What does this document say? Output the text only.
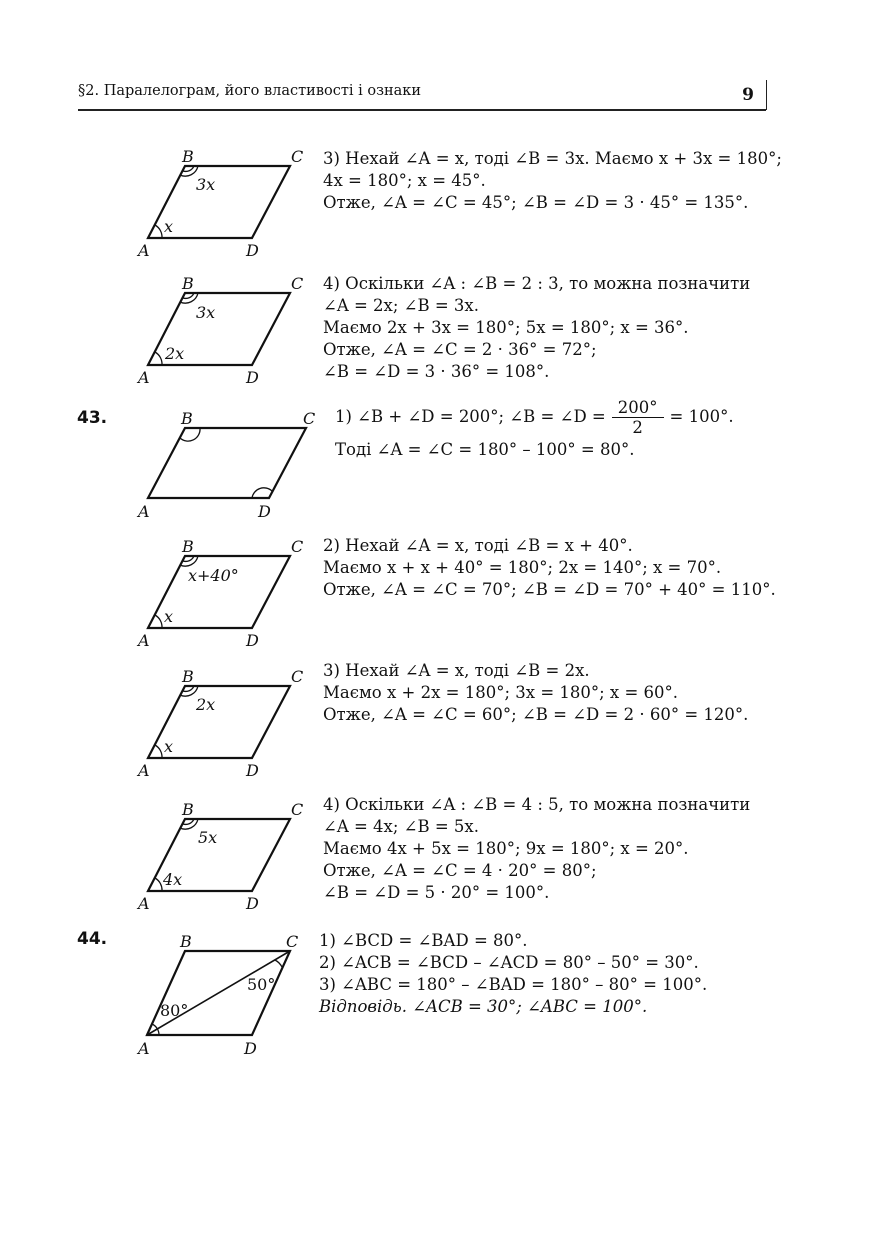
§2. Паралелограм, його властивості і ознаки	9
A
B	C
D
3x
x
3) Нехай ∠A = x, тоді ∠B = 3x. Маємо x + 3x = 180°;
4x = 180°; x = 45°.
Отже, ∠A = ∠C = 45°; ∠B = ∠D = 3 · 45° = 135°.
A
B	C
D
3x
2x
4) Оскільки ∠A : ∠B = 2 : 3, то можна позначити
∠A = 2x; ∠B = 3x.
Маємо 2x + 3x = 180°; 5x = 180°; x = 36°.
Отже, ∠A = ∠C = 2 · 36° = 72°;
∠B = ∠D = 3 · 36° = 108°.
43.
A
B	C
D
1) ∠B + ∠D = 200°; ∠B = ∠D = $\frac{200^\circ}{2} = 100^\circ$.
Тоді ∠A = ∠C = 180° – 100° = 80°.
A
B	C
D
x+40°
x
2) Нехай ∠A = x, тоді ∠B = x + 40°.
Маємо x + x + 40° = 180°; 2x = 140°; x = 70°.
Отже, ∠A = ∠C = 70°; ∠B = ∠D = 70° + 40° = 110°.
A
B	C
D
2x
x
3) Нехай ∠A = x, тоді ∠B = 2x.
Маємо x + 2x = 180°; 3x = 180°; x = 60°.
Отже, ∠A = ∠C = 60°; ∠B = ∠D = 2 · 60° = 120°.
A
B	C
D
5x
4x
4) Оскільки ∠A : ∠B = 4 : 5, то можна позначити
∠A = 4x; ∠B = 5x.
Маємо 4x + 5x = 180°; 9x = 180°; x = 20°.
Отже, ∠A = ∠C = 4 · 20° = 80°;
∠B = ∠D = 5 · 20° = 100°.
44.
A
B	C
D
80°
50°
1) ∠BCD = ∠BAD = 80°.
2) ∠ACB = ∠BCD – ∠ACD = 80° – 50° = 30°.
3) ∠ABC = 180° – ∠BAD = 180° – 80° = 100°.
Відповідь. ∠ACB = 30°; ∠ABC = 100°.
